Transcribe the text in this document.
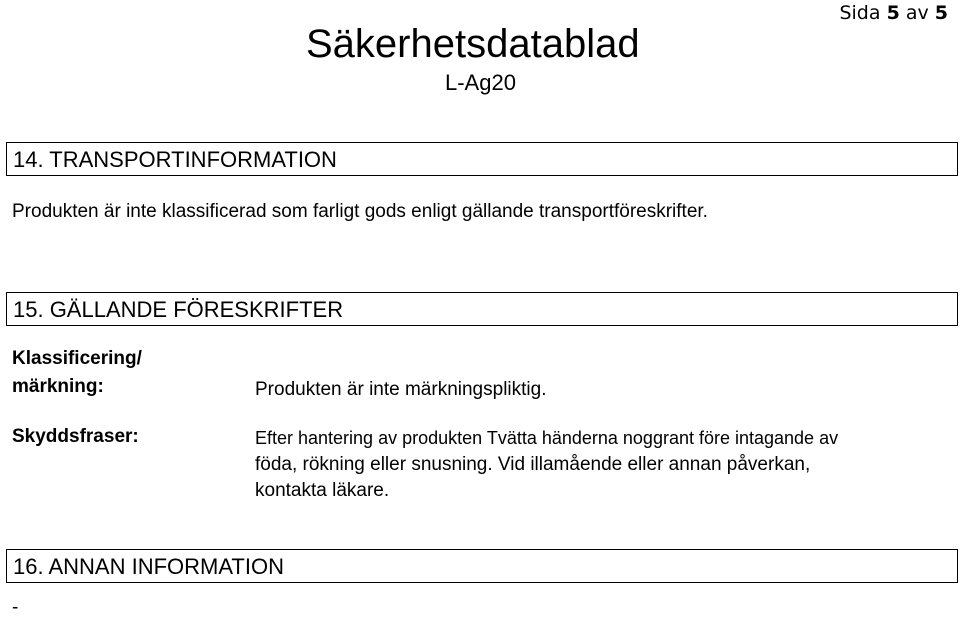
Sida 5 av 5
Säkerhetsdatablad
L-Ag20
14. TRANSPORTINFORMATION
Produkten är inte klassificerad som farligt gods enligt gällande transportföreskrifter.
15. GÄLLANDE FÖRESKRIFTER
Klassificering/
märkning:	Produkten är inte märkningspliktig.
Skyddsfraser:	Efter hantering av produkten Tvätta händerna noggrant före intagande av
föda, rökning eller snusning. Vid illamående eller annan påverkan,
kontakta läkare.
16. ANNAN INFORMATION
-
